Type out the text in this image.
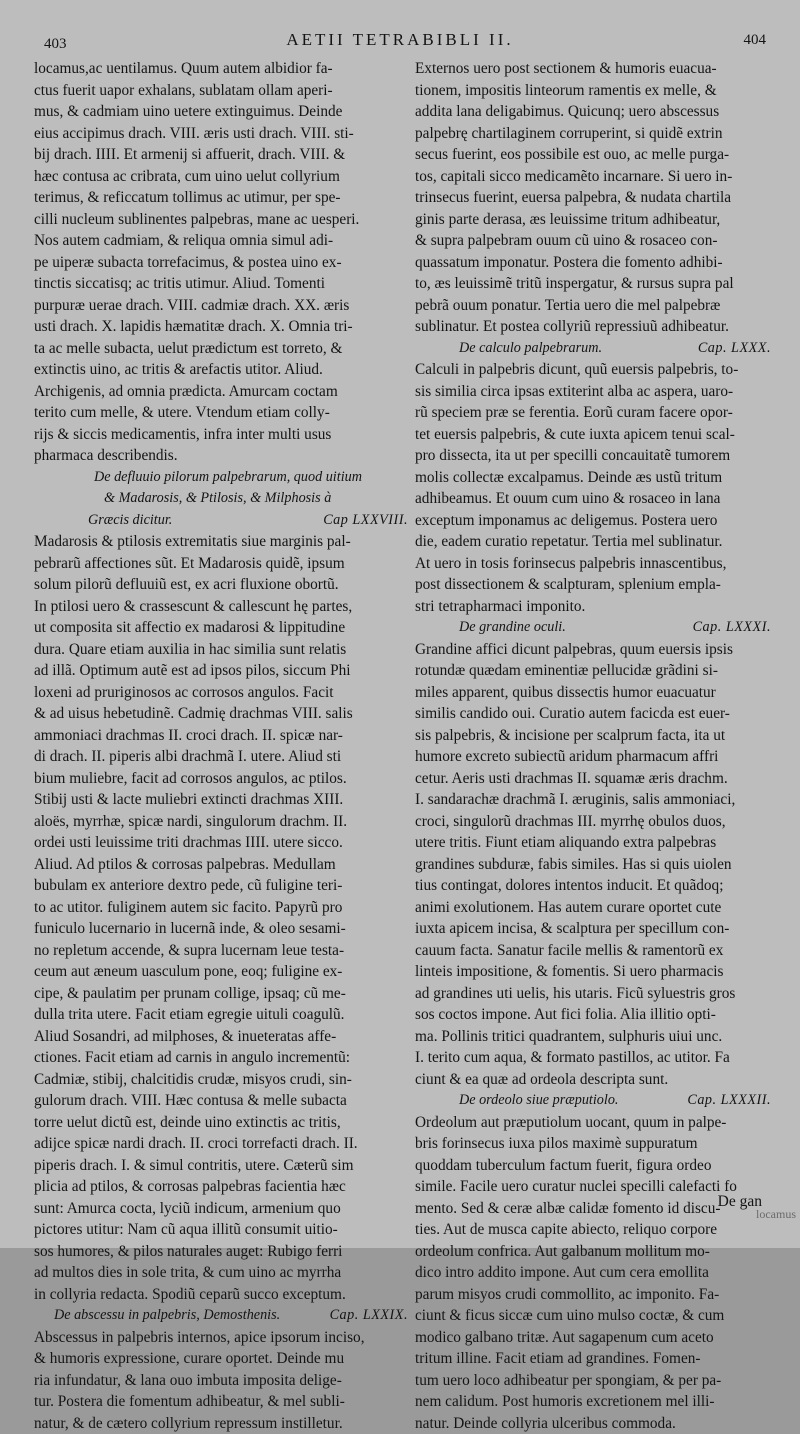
403	AETII TETRABIBLI II.	404
locamus,ac uentilamus. Quum autem albidior fa-
ctus fuerit uapor exhalans, sublatam ollam aperi-
mus, & cadmiam uino uetere extinguimus. Deinde
eius accipimus drach. VIII. æris usti drach. VIII. sti-
bij drach. IIII. Et armenij si affuerit, drach. VIII. &
hæc contusa ac cribrata, cum uino uelut collyrium
terimus, & reficcatum tollimus ac utimur, per spe-
cilli nucleum sublinentes palpebras, mane ac uesperi.
Nos autem cadmiam, & reliqua omnia simul adi-
pe uiperæ subacta torrefacimus, & postea uino ex-
tinctis siccatisq; ac tritis utimur. Aliud. Tomenti
purpuræ uerae drach. VIII. cadmiæ drach. XX. æris
usti drach. X. lapidis hæmatitæ drach. X. Omnia tri-
ta ac melle subacta, uelut prædictum est torreto, &
extinctis uino, ac tritis & arefactis utitor. Aliud.
Archigenis, ad omnia prædicta. Amurcam coctam
terito cum melle, & utere. Vtendum etiam colly-
rijs & siccis medicamentis, infra inter multi usus
pharmaca describendis.
De defluuio pilorum palpebrarum, quod uitium
& Madarosis, & Ptilosis, & Milphosis à
Græcis dicitur.	Cap LXXVIII.
Madarosis & ptilosis extremitatis siue marginis pal-
pebrarũ affectiones sũt. Et Madarosis quidẽ, ipsum
solum pilorũ defluuiũ est, ex acri fluxione obortũ.
In ptilosi uero & crassescunt & callescunt hę partes,
ut composita sit affectio ex madarosi & lippitudine
dura. Quare etiam auxilia in hac similia sunt relatis
ad illã. Optimum autẽ est ad ipsos pilos, siccum Phi
loxeni ad pruriginosos ac corrosos angulos. Facit
& ad uisus hebetudinẽ. Cadmię drachmas VIII. salis
ammoniaci drachmas II. croci drach. II. spicæ nar-
di drach. II. piperis albi drachmã I. utere. Aliud sti
bium muliebre, facit ad corrosos angulos, ac ptilos.
Stibij usti & lacte muliebri extincti drachmas XIII.
aloës, myrrhæ, spicæ nardi, singulorum drachm. II.
ordei usti leuissime triti drachmas IIII. utere sicco.
Aliud. Ad ptilos & corrosas palpebras. Medullam
bubulam ex anteriore dextro pede, cũ fuligine teri-
to ac utitor. fuliginem autem sic facito. Papyrũ pro
funiculo lucernario in lucernã inde, & oleo sesami-
no repletum accende, & supra lucernam leue testa-
ceum aut æneum uasculum pone, eoq; fuligine ex-
cipe, & paulatim per prunam collige, ipsaq; cũ me-
dulla trita utere. Facit etiam egregie uituli coagulũ.
Aliud Sosandri, ad milphoses, & inueteratas affe-
ctiones. Facit etiam ad carnis in angulo incrementũ:
Cadmiæ, stibij, chalcitidis crudæ, misyos crudi, sin-
gulorum drach. VIII. Hæc contusa & melle subacta
torre uelut dictũ est, deinde uino extinctis ac tritis,
adijce spicæ nardi drach. II. croci torrefacti drach. II.
piperis drach. I. & simul contritis, utere. Cæterũ sim
plicia ad ptilos, & corrosas palpebras facientia hæc
sunt: Amurca cocta, lyciũ indicum, armenium quo
pictores utitur: Nam cũ aqua illitũ consumit uitio-
sos humores, & pilos naturales auget: Rubigo ferri
ad multos dies in sole trita, & cum uino ac myrrha
in collyria redacta. Spodiũ ceparũ succo exceptum.
De abscessu in palpebris, Demosthenis.	Cap. LXXIX.
Abscessus in palpebris internos, apice ipsorum inciso,
& humoris expressione, curare oportet. Deinde mu
ria infundatur, & lana ouo imbuta imposita delige-
tur. Postera die fomentum adhibeatur, & mel subli-
natur, & de cætero collyrium repressum instilletur.
Externos uero post sectionem & humoris euacua-
tionem, impositis linteorum ramentis ex melle, &
addita lana deligabimus. Quicunq; uero abscessus
palpebrę chartilaginem corruperint, si quidẽ extrin
secus fuerint, eos possibile est ouo, ac melle purga-
tos, capitali sicco medicamẽto incarnare. Si uero in-
trinsecus fuerint, euersa palpebra, & nudata chartila
ginis parte derasa, æs leuissime tritum adhibeatur,
& supra palpebram ouum cũ uino & rosaceo con-
quassatum imponatur. Postera die fomento adhibi-
to, æs leuissimẽ tritũ inspergatur, & rursus supra pal
pebrã ouum ponatur. Tertia uero die mel palpebræ
sublinatur. Et postea collyriũ repressiuũ adhibeatur.
De calculo palpebrarum.	Cap. LXXX.
Calculi in palpebris dicunt, quũ euersis palpebris, to-
sis similia circa ipsas extiterint alba ac aspera, uaro-
rũ speciem præ se ferentia. Eorũ curam facere opor-
tet euersis palpebris, & cute iuxta apicem tenui scal-
pro dissecta, ita ut per specilli concauitatẽ tumorem
molis collectæ excalpamus. Deinde æs ustũ tritum
adhibeamus. Et ouum cum uino & rosaceo in lana
exceptum imponamus ac deligemus. Postera uero
die, eadem curatio repetatur. Tertia mel sublinatur.
At uero in tosis forinsecus palpebris innascentibus,
post dissectionem & scalpturam, splenium empla-
stri tetrapharmaci imponito.
De grandine oculi.	Cap. LXXXI.
Grandine affici dicunt palpebras, quum euersis ipsis
rotundæ quædam eminentiæ pellucidæ grãdini si-
miles apparent, quibus dissectis humor euacuatur
similis candido oui. Curatio autem facicda est euer-
sis palpebris, & incisione per scalprum facta, ita ut
humore excreto subiectũ aridum pharmacum affri
cetur. Aeris usti drachmas II. squamæ æris drachm.
I. sandarachæ drachmã I. æruginis, salis ammoniaci,
croci, singulorũ drachmas III. myrrhę obulos duos,
utere tritis. Fiunt etiam aliquando extra palpebras
grandines subduræ, fabis similes. Has si quis uiolen
tius contingat, dolores intentos inducit. Et quãdoq;
animi exolutionem. Has autem curare oportet cute
iuxta apicem incisa, & scalptura per specillum con-
cauum facta. Sanatur facile mellis & ramentorũ ex
linteis impositione, & fomentis. Si uero pharmacis
ad grandines uti uelis, his utaris. Ficũ syluestris gros
sos coctos impone. Aut fici folia. Alia illitio opti-
ma. Pollinis tritici quadrantem, sulphuris uiui unc.
I. terito cum aqua, & formato pastillos, ac utitor. Fa
ciunt & ea quæ ad ordeola descripta sunt.
De ordeolo siue præputiolo.	Cap. LXXXII.
Ordeolum aut præputiolum uocant, quum in palpe-
bris forinsecus iuxa pilos maximè suppuratum
quoddam tuberculum factum fuerit, figura ordeo
simile. Facile uero curatur nuclei specilli calefacti fo
mento. Sed & ceræ albæ calidæ fomento id discu-
ties. Aut de musca capite abiecto, reliquo corpore
ordeolum confrica. Aut galbanum mollitum mo-
dico intro addito impone. Aut cum cera emollita
parum misyos crudi commollito, ac imponito. Fa-
ciunt & ficus siccæ cum uino mulso coctæ, & cum
modico galbano tritæ. Aut sagapenum cum aceto
tritum illine. Facit etiam ad grandines. Fomen-
tum uero loco adhibeatur per spongiam, & per pa-
nem calidum. Post humoris excretionem mel illi-
natur. Deinde collyria ulceribus commoda.
De gan
locamus
